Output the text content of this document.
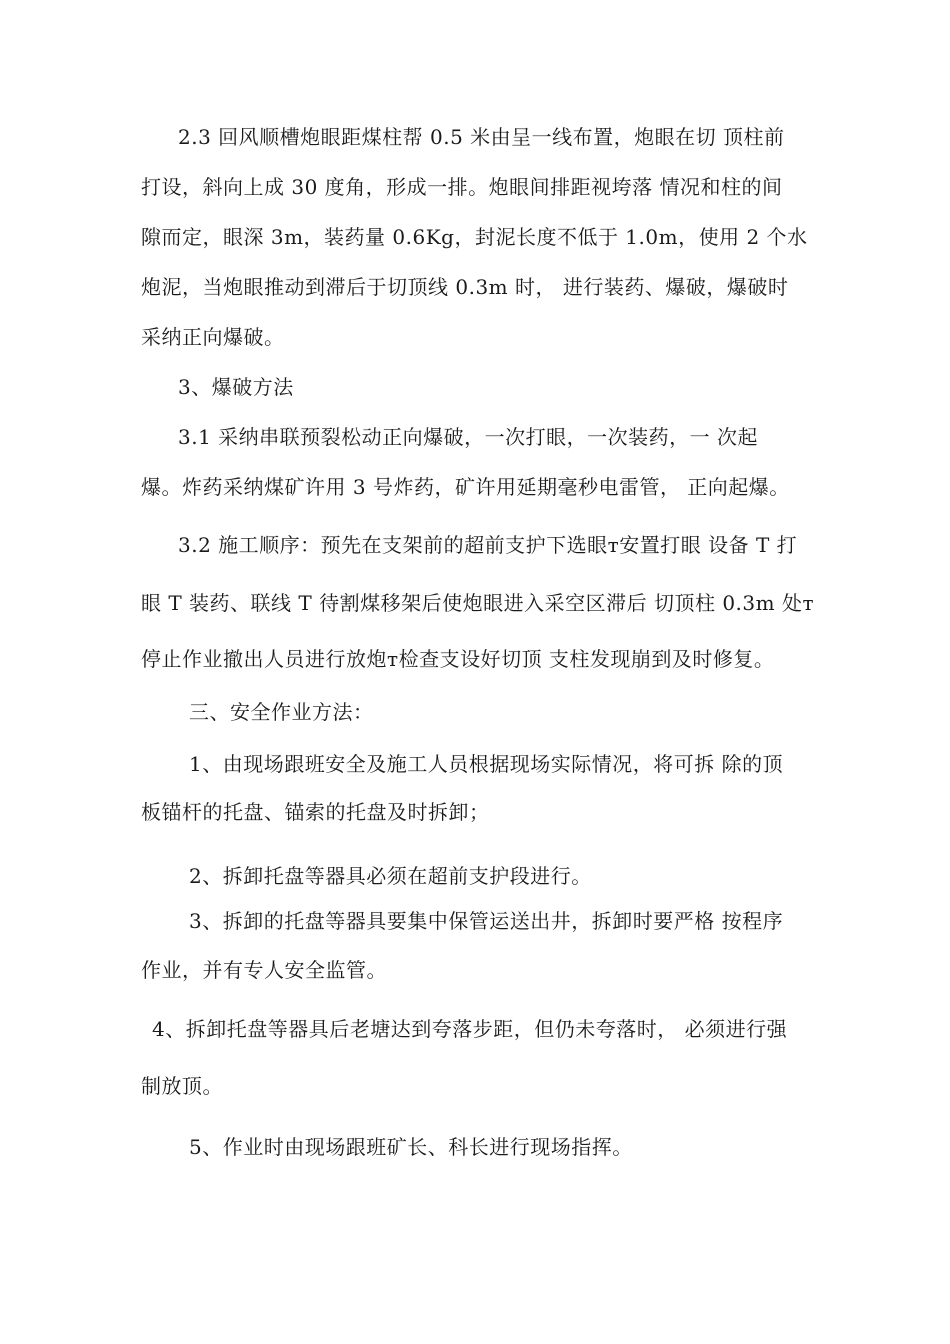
2.3 回风顺槽炮眼距煤柱帮 0.5 米由呈一线布置，炮眼在切 顶柱前
打设，斜向上成 30 度角，形成一排。炮眼间排距视垮落 情况和柱的间
隙而定，眼深 3m，装药量 0.6Kg，封泥长度不低于 1.0m，使用 2 个水
炮泥，当炮眼推动到滞后于切顶线 0.3m 时， 进行装药、爆破，爆破时
采纳正向爆破。
3、爆破方法
3.1 采纳串联预裂松动正向爆破，一次打眼，一次装药，一 次起
爆。炸药采纳煤矿许用 3 号炸药，矿许用延期毫秒电雷管， 正向起爆。
3.2 施工顺序：预先在支架前的超前支护下选眼ᴛ安置打眼 设备 T 打
眼 T 装药、联线 T 待割煤移架后使炮眼进入采空区滞后 切顶柱 0.3m 处ᴛ
停止作业撤出人员进行放炮ᴛ检查支设好切顶 支柱发现崩到及时修复。
三、安全作业方法：
1、由现场跟班安全及施工人员根据现场实际情况，将可拆 除的顶
板锚杆的托盘、锚索的托盘及时拆卸；
2、拆卸托盘等器具必须在超前支护段进行。
3、拆卸的托盘等器具要集中保管运送出井，拆卸时要严格 按程序
作业，并有专人安全监管。
4、拆卸托盘等器具后老塘达到夸落步距，但仍未夸落时， 必须进行强
制放顶。
5、作业时由现场跟班矿长、科长进行现场指挥。
